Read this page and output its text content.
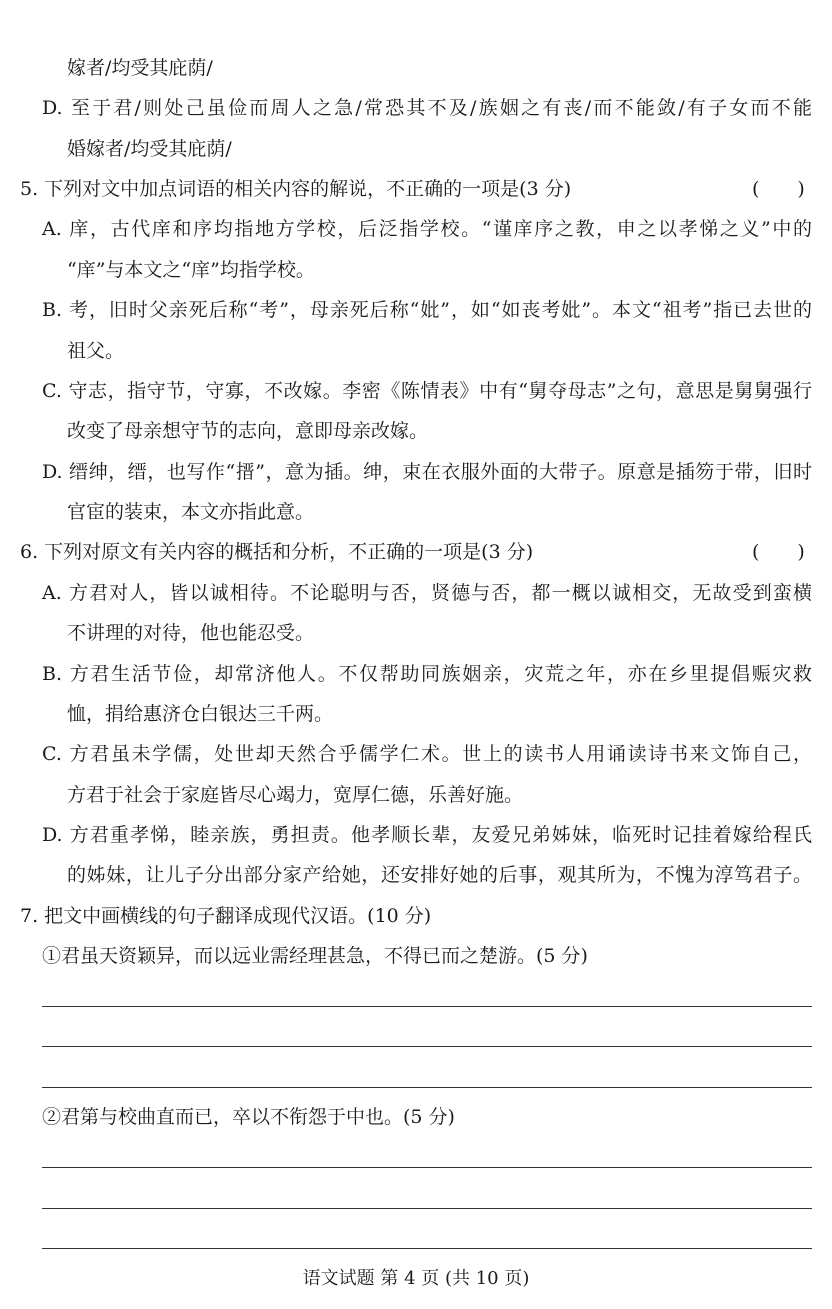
嫁者/均受其庇荫/
D. 至于君/则处己虽俭而周人之急/常恐其不及/族姻之有丧/而不能敛/有子女而不能
婚嫁者/均受其庇荫/
5. 下列对文中加点词语的相关内容的解说，不正确的一项是(3 分)	(　　)
A. 庠，古代庠和序均指地方学校，后泛指学校。“谨庠序之教，申之以孝悌之义”中的
“庠”与本文之“庠”均指学校。
B. 考，旧时父亲死后称“考”，母亲死后称“妣”，如“如丧考妣”。本文“祖考”指已去世的
祖父。
C. 守志，指守节，守寡，不改嫁。李密《陈情表》中有“舅夺母志”之句，意思是舅舅强行
改变了母亲想守节的志向，意即母亲改嫁。
D. 缙绅，缙，也写作“搢”，意为插。绅，束在衣服外面的大带子。原意是插笏于带，旧时
官宦的装束，本文亦指此意。
6. 下列对原文有关内容的概括和分析，不正确的一项是(3 分)	(　　)
A. 方君对人，皆以诚相待。不论聪明与否，贤德与否，都一概以诚相交，无故受到蛮横
不讲理的对待，他也能忍受。
B. 方君生活节俭，却常济他人。不仅帮助同族姻亲，灾荒之年，亦在乡里提倡赈灾救
恤，捐给惠济仓白银达三千两。
C. 方君虽未学儒，处世却天然合乎儒学仁术。世上的读书人用诵读诗书来文饰自己，
方君于社会于家庭皆尽心竭力，宽厚仁德，乐善好施。
D. 方君重孝悌，睦亲族，勇担责。他孝顺长辈，友爱兄弟姊妹，临死时记挂着嫁给程氏
的姊妹，让儿子分出部分家产给她，还安排好她的后事，观其所为，不愧为淳笃君子。
7. 把文中画横线的句子翻译成现代汉语。(10 分)
①君虽天资颖异，而以远业需经理甚急，不得已而之楚游。(5 分)
②君第与校曲直而已，卒以不衔怨于中也。(5 分)
语文试题 第 4 页 (共 10 页)
